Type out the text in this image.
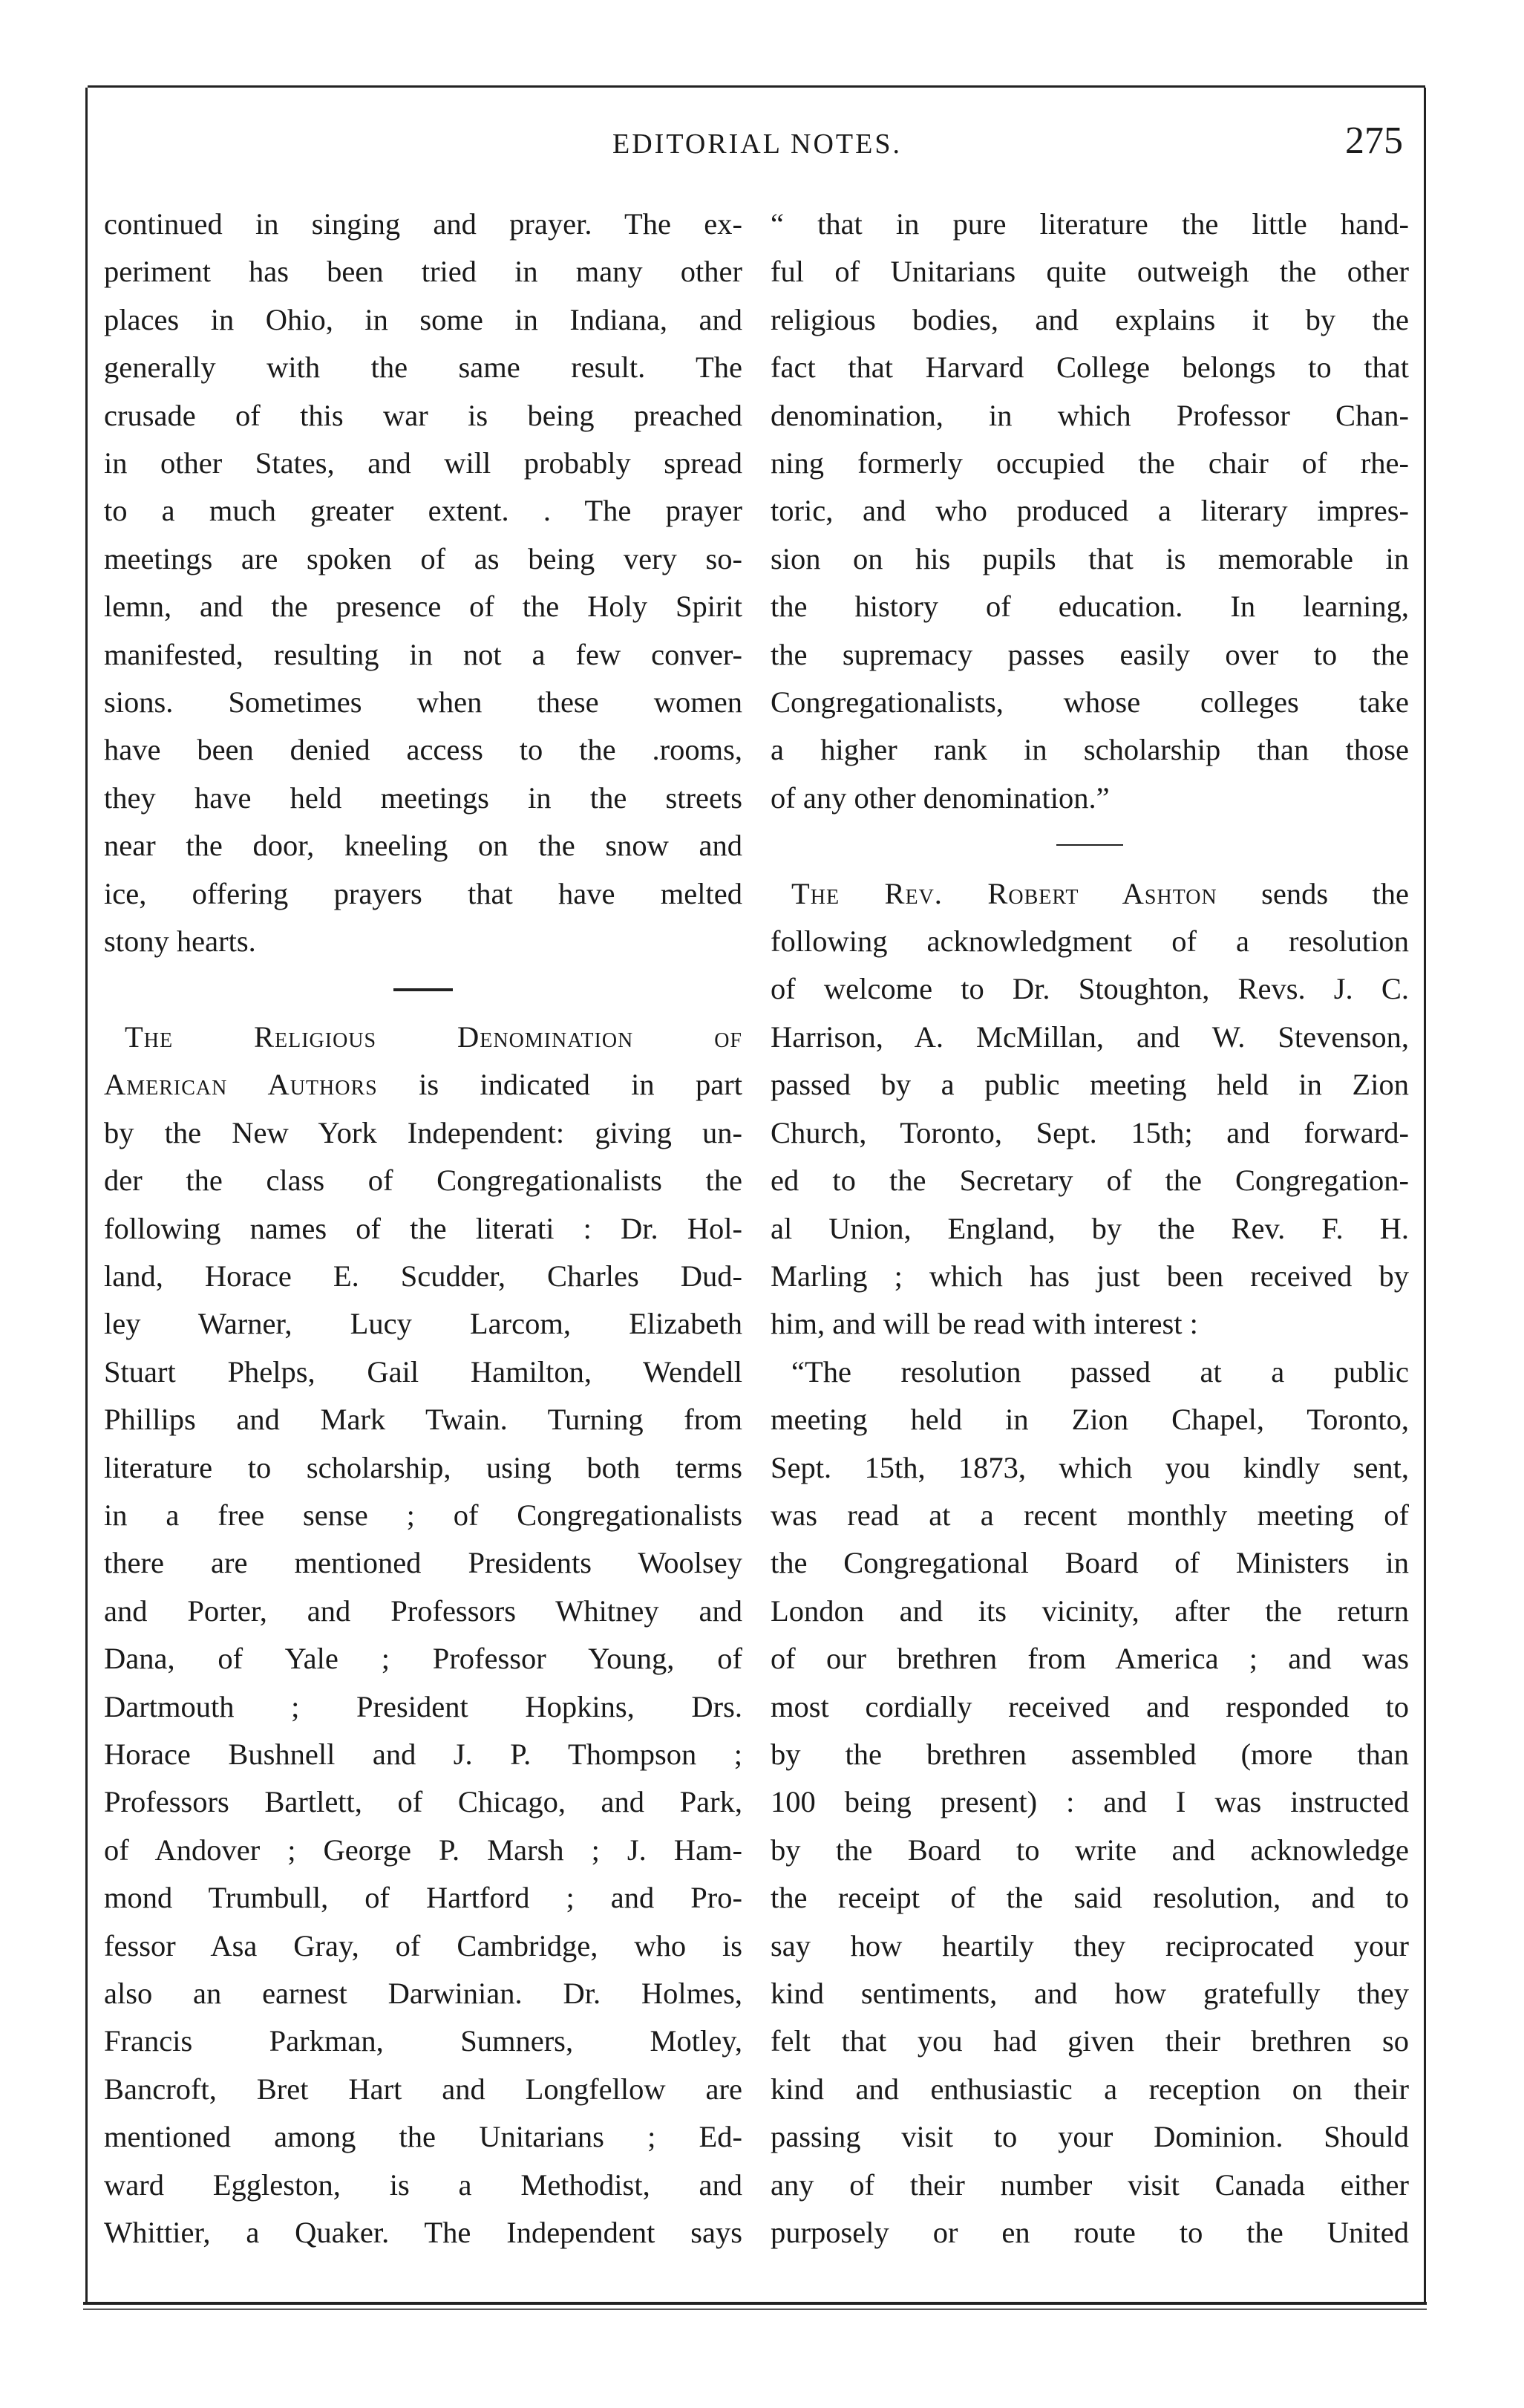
EDITORIAL NOTES.	275
continued in singing and prayer. The ex-
periment has been tried in many other
places in Ohio, in some in Indiana, and
generally with the same result. The
crusade of this war is being preached
in other States, and will probably spread
to a much greater extent. . The prayer
meetings are spoken of as being very so-
lemn, and the presence of the Holy Spirit
manifested, resulting in not a few conver-
sions. Sometimes when these women
have been denied access to the .rooms,
they have held meetings in the streets
near the door, kneeling on the snow and
ice, offering prayers that have melted
stony hearts.
The Religious Denomination of
American Authors is indicated in part
by the New York Independent: giving un-
der the class of Congregationalists the
following names of the literati : Dr. Hol-
land, Horace E. Scudder, Charles Dud-
ley Warner, Lucy Larcom, Elizabeth
Stuart Phelps, Gail Hamilton, Wendell
Phillips and Mark Twain. Turning from
literature to scholarship, using both terms
in a free sense ; of Congregationalists
there are mentioned Presidents Woolsey
and Porter, and Professors Whitney and
Dana, of Yale ; Professor Young, of
Dartmouth ; President Hopkins, Drs.
Horace Bushnell and J. P. Thompson ;
Professors Bartlett, of Chicago, and Park,
of Andover ; George P. Marsh ; J. Ham-
mond Trumbull, of Hartford ; and Pro-
fessor Asa Gray, of Cambridge, who is
also an earnest Darwinian. Dr. Holmes,
Francis Parkman, Sumners, Motley,
Bancroft, Bret Hart and Longfellow are
mentioned among the Unitarians ; Ed-
ward Eggleston, is a Methodist, and
Whittier, a Quaker. The Independent says
“ that in pure literature the little hand-
ful of Unitarians quite outweigh the other
religious bodies, and explains it by the
fact that Harvard College belongs to that
denomination, in which Professor Chan-
ning formerly occupied the chair of rhe-
toric, and who produced a literary impres-
sion on his pupils that is memorable in
the history of education. In learning,
the supremacy passes easily over to the
Congregationalists, whose colleges take
a higher rank in scholarship than those
of any other denomination.”
The Rev. Robert Ashton sends the
following acknowledgment of a resolution
of welcome to Dr. Stoughton, Revs. J. C.
Harrison, A. McMillan, and W. Stevenson,
passed by a public meeting held in Zion
Church, Toronto, Sept. 15th; and forward-
ed to the Secretary of the Congregation-
al Union, England, by the Rev. F. H.
Marling ; which has just been received by
him, and will be read with interest :
“The resolution passed at a public
meeting held in Zion Chapel, Toronto,
Sept. 15th, 1873, which you kindly sent,
was read at a recent monthly meeting of
the Congregational Board of Ministers in
London and its vicinity, after the return
of our brethren from America ; and was
most cordially received and responded to
by the brethren assembled (more than
100 being present) : and I was instructed
by the Board to write and acknowledge
the receipt of the said resolution, and to
say how heartily they reciprocated your
kind sentiments, and how gratefully they
felt that you had given their brethren so
kind and enthusiastic a reception on their
passing visit to your Dominion. Should
any of their number visit Canada either
purposely or en route to the United
